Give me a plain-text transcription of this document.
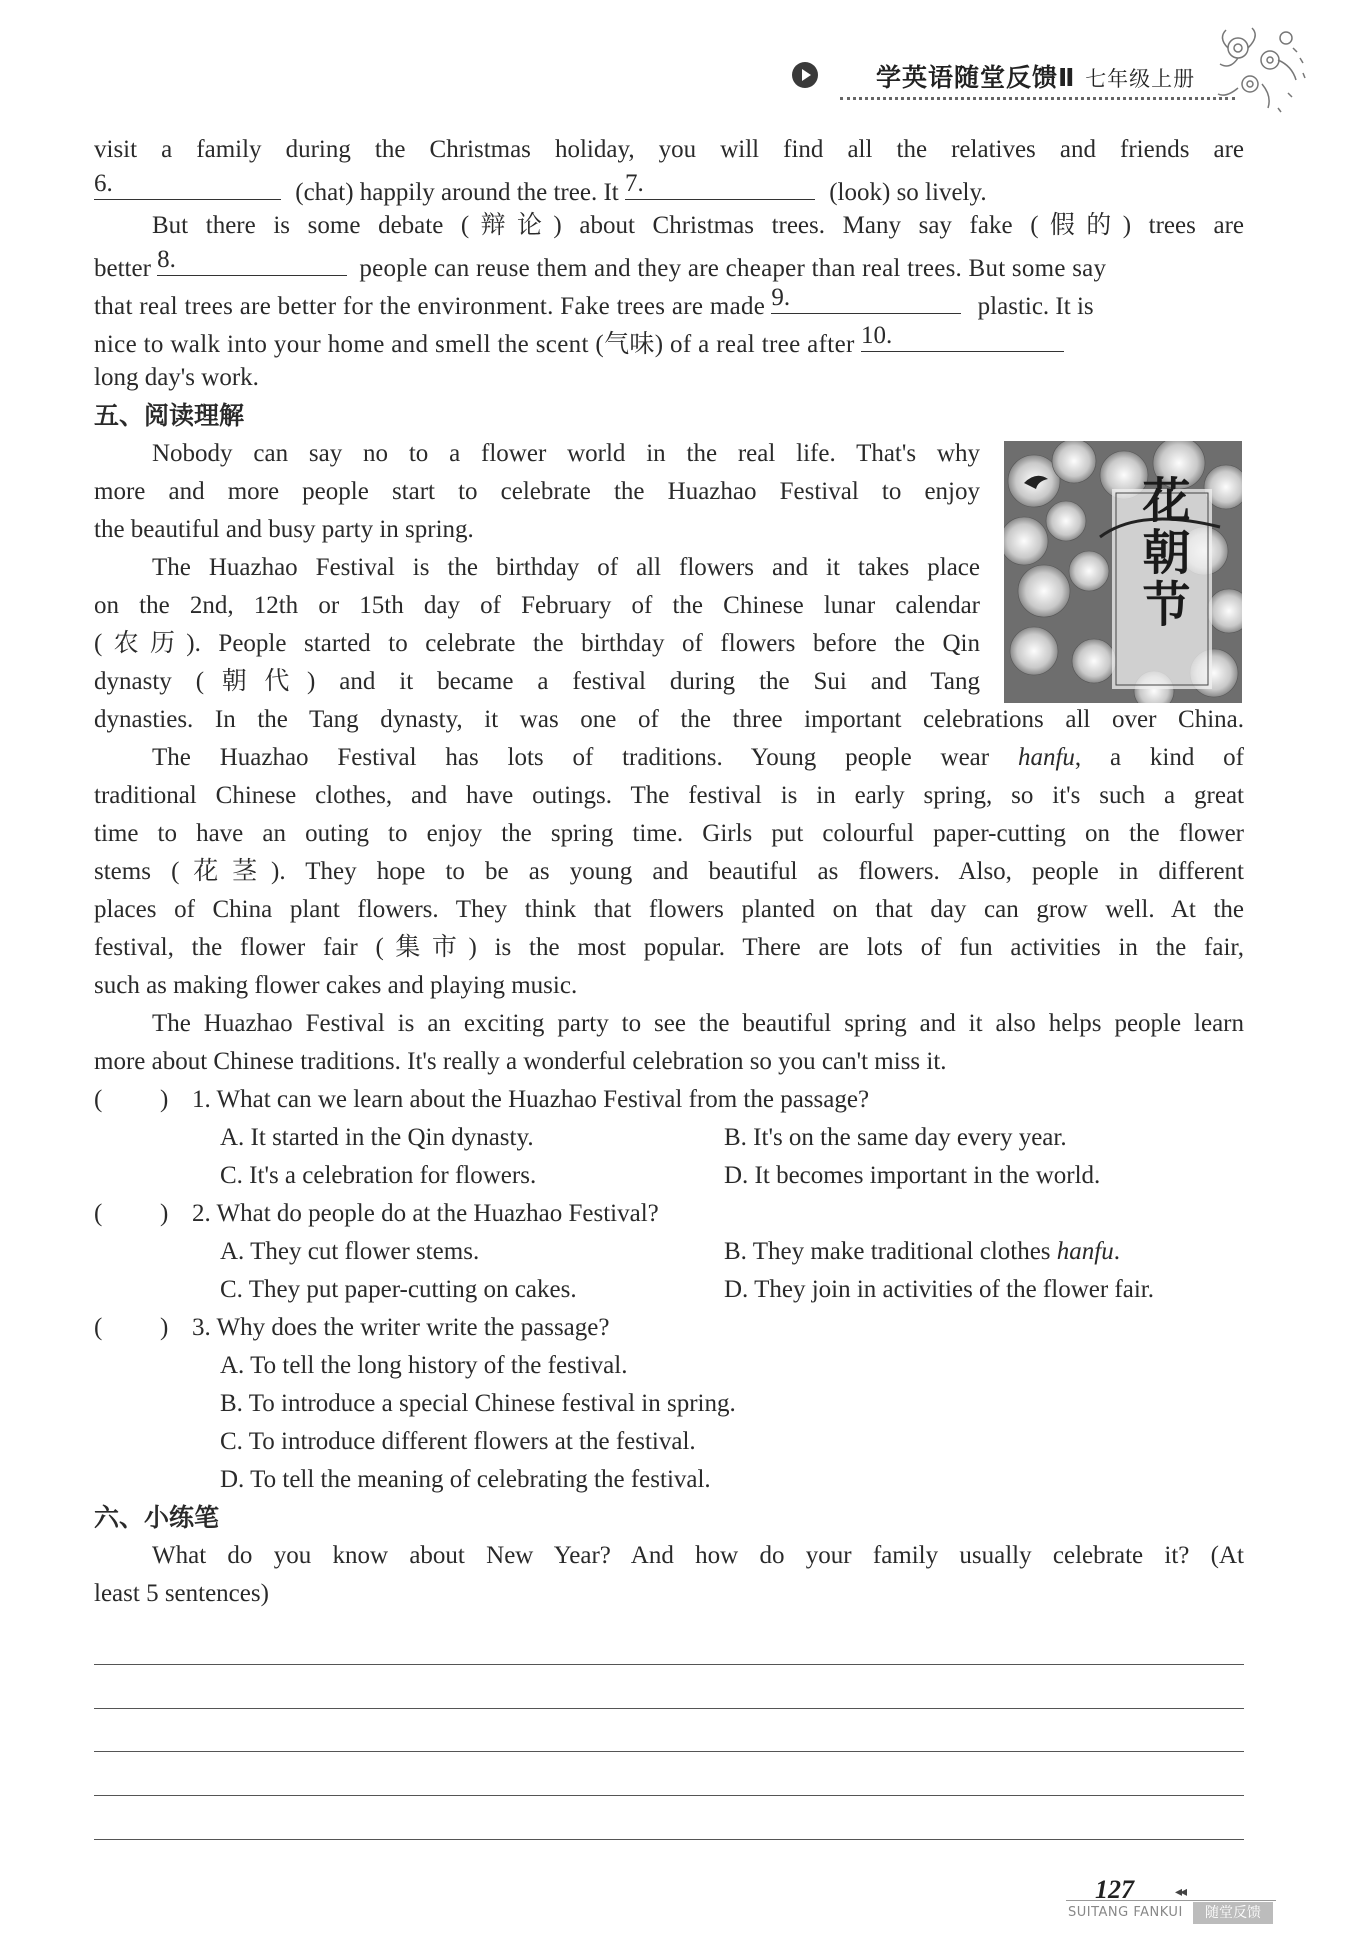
学英语随堂反馈Ⅱ 七年级上册
visit a family during the Christmas holiday, you will find all the relatives and friends are
6.	(chat) happily around the tree. It 7.	(look) so lively.
But there is some debate (辩论) about Christmas trees. Many say fake (假的) trees are
better 8.	people can reuse them and they are cheaper than real trees. But some say
that real trees are better for the environment. Fake trees are made 9.	plastic. It is
nice to walk into your home and smell the scent (气味) of a real tree after 10.
long day's work.
五、阅读理解
Nobody can say no to a flower world in the real life. That's why
more and more people start to celebrate the Huazhao Festival to enjoy
the beautiful and busy party in spring.
The Huazhao Festival is the birthday of all flowers and it takes place
on the 2nd, 12th or 15th day of February of the Chinese lunar calendar
(农历). People started to celebrate the birthday of flowers before the Qin
dynasty (朝代) and it became a festival during the Sui and Tang
dynasties. In the Tang dynasty, it was one of the three important celebrations all over China.
The Huazhao Festival has lots of traditions. Young people wear hanfu, a kind of
traditional Chinese clothes, and have outings. The festival is in early spring, so it's such a great
time to have an outing to enjoy the spring time. Girls put colourful paper-cutting on the flower
stems (花茎). They hope to be as young and beautiful as flowers. Also, people in different
places of China plant flowers. They think that flowers planted on that day can grow well. At the
festival, the flower fair (集市) is the most popular. There are lots of fun activities in the fair,
such as making flower cakes and playing music.
The Huazhao Festival is an exciting party to see the beautiful spring and it also helps people learn
more about Chinese traditions. It's really a wonderful celebration so you can't miss it.
( ) 1. What can we learn about the Huazhao Festival from the passage?
A. It started in the Qin dynasty.	B. It's on the same day every year.
C. It's a celebration for flowers.	D. It becomes important in the world.
( ) 2. What do people do at the Huazhao Festival?
A. They cut flower stems.	B. They make traditional clothes hanfu.
C. They put paper-cutting on cakes.	D. They join in activities of the flower fair.
( ) 3. Why does the writer write the passage?
A. To tell the long history of the festival.
B. To introduce a special Chinese festival in spring.
C. To introduce different flowers at the festival.
D. To tell the meaning of celebrating the festival.
六、小练笔
What do you know about New Year? And how do your family usually celebrate it? (At
least 5 sentences)
花朝节
127	◂◂
SUITANG FANKUI	随堂反馈
